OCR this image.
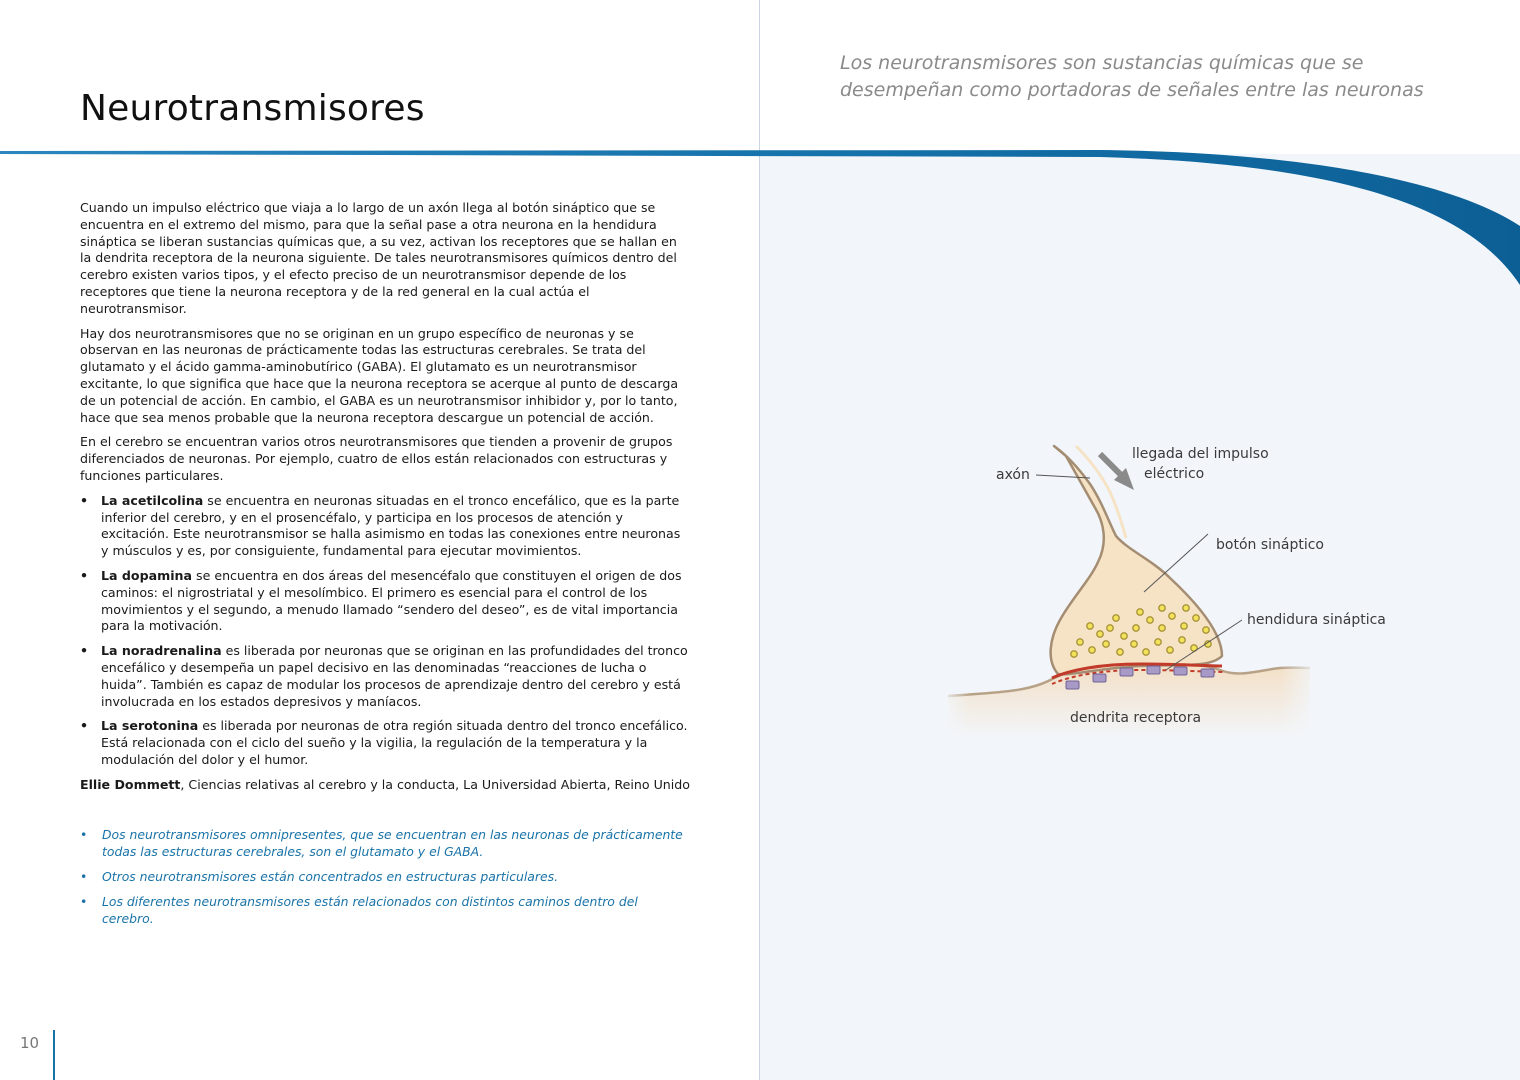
Neurotransmisores
Los neurotransmisores son sustancias químicas que se
desempeñan como portadoras de señales entre las neuronas

Cuando un impulso eléctrico que viaja a lo largo de un axón llega al botón sináptico que se encuentra en el extremo del mismo, para que la señal pase a otra neurona en la hendidura sináptica se liberan sustancias químicas que, a su vez, activan los receptores que se hallan en la dendrita receptora de la neurona siguiente. De tales neurotransmisores químicos dentro del cerebro existen varios tipos, y el efecto preciso de un neurotransmisor depende de los receptores que tiene la neurona receptora y de la red general en la cual actúa el neurotransmisor.

Hay dos neurotransmisores que no se originan en un grupo específico de neuronas y se observan en las neuronas de prácticamente todas las estructuras cerebrales. Se trata del glutamato y el ácido gamma-aminobutírico (GABA). El glutamato es un neurotransmisor excitante, lo que significa que hace que la neurona receptora se acerque al punto de descarga de un potencial de acción. En cambio, el GABA es un neurotransmisor inhibidor y, por lo tanto, hace que sea menos probable que la neurona receptora descargue un potencial de acción.

En el cerebro se encuentran varios otros neurotransmisores que tienden a provenir de grupos diferenciados de neuronas. Por ejemplo, cuatro de ellos están relacionados con estructuras y funciones particulares.

• La acetilcolina se encuentra en neuronas situadas en el tronco encefálico, que es la parte inferior del cerebro, y en el prosencéfalo, y participa en los procesos de atención y excitación. Este neurotransmisor se halla asimismo en todas las conexiones entre neuronas y músculos y es, por consiguiente, fundamental para ejecutar movimientos.
• La dopamina se encuentra en dos áreas del mesencéfalo que constituyen el origen de dos caminos: el nigrostriatal y el mesolímbico. El primero es esencial para el control de los movimientos y el segundo, a menudo llamado “sendero del deseo”, es de vital importancia para la motivación.
• La noradrenalina es liberada por neuronas que se originan en las profundidades del tronco encefálico y desempeña un papel decisivo en las denominadas “reacciones de lucha o huida”. También es capaz de modular los procesos de aprendizaje dentro del cerebro y está involucrada en los estados depresivos y maníacos.
• La serotonina es liberada por neuronas de otra región situada dentro del tronco encefálico. Está relacionada con el ciclo del sueño y la vigilia, la regulación de la temperatura y la modulación del dolor y el humor.

Ellie Dommett, Ciencias relativas al cerebro y la conducta, La Universidad Abierta, Reino Unido

• Dos neurotransmisores omnipresentes, que se encuentran en las neuronas de prácticamente todas las estructuras cerebrales, son el glutamato y el GABA.
• Otros neurotransmisores están concentrados en estructuras particulares.
• Los diferentes neurotransmisores están relacionados con distintos caminos dentro del cerebro.
axón
llegada del impulso
eléctrico
botón sináptico
hendidura sináptica
dendrita receptora
10
